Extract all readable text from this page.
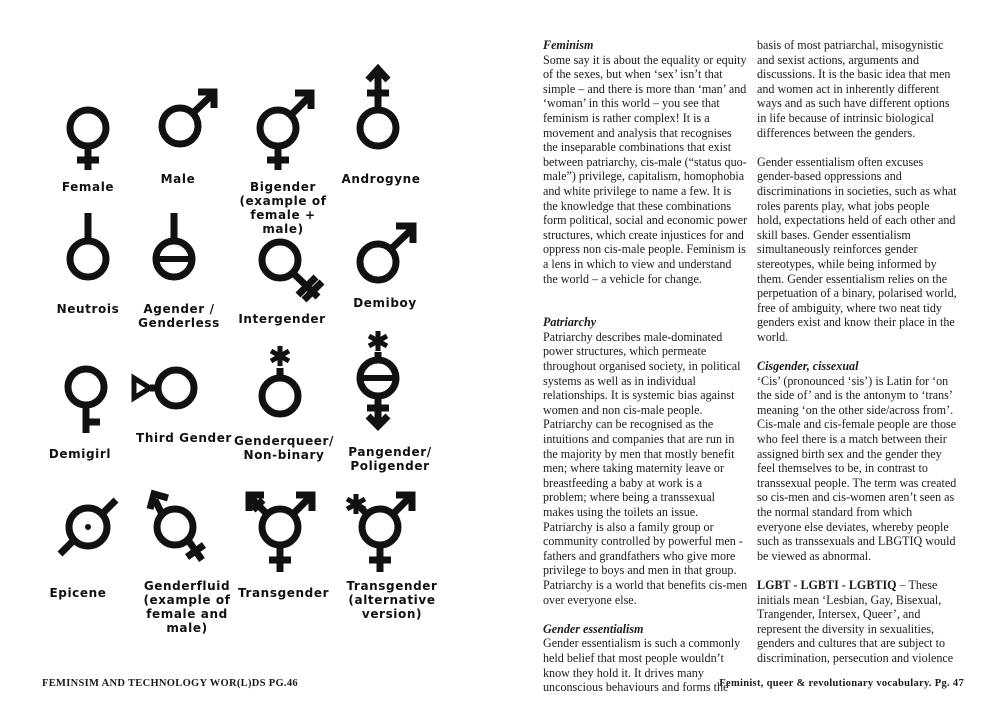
Female
Male
Bigender
(example of
female + male)
Androgyne
Neutrois	Agender /
Genderless	Intergender
Demiboy
Demigirl
Third Gender Genderqueer/
Non-binary	Pangender/
Poligender
Epicene	Genderfluid
(example of
female and male)
Transgender	Transgender
(alternative version)
Feminism

Some say it is about the equality or equity of the sexes, but when ‘sex’ isn’t that simple – and there is more than ‘man’ and ‘woman’ in this world – you see that feminism is rather complex! It is a movement and analysis that recognises the inseparable combinations that exist between patriarchy, cis-male (“status quo-male”) privilege, capitalism, homophobia and white privilege to name a few. It is the knowledge that these combinations form political, social and economic power structures, which create injustices for and oppress non cis-male people. Feminism is a lens in which to view and understand the world – a vehicle for change.

Patriarchy

Patriarchy describes male-dominated power structures, which permeate throughout organised society, in political systems as well as in individual relationships. It is systemic bias against women and non cis-male people. Patriarchy can be recognised as the intuitions and companies that are run in the majority by men that mostly benefit men; where taking maternity leave or breastfeeding a baby at work is a problem; where being a transsexual makes using the toilets an issue. Patriarchy is also a family group or community controlled by powerful men - fathers and grandfathers who give more privilege to boys and men in that group. Patriarchy is a world that benefits cis-men over everyone else.

Gender essentialism

Gender essentialism is such a commonly held belief that most people wouldn’t know they hold it. It drives many unconscious behaviours and forms the

basis of most patriarchal, misogynistic and sexist actions, arguments and discussions. It is the basic idea that men and women act in inherently different ways and as such have different options in life because of intrinsic biological differences between the genders.

Gender essentialism often excuses gender-based oppressions and discriminations in societies, such as what roles parents play, what jobs people hold, expectations held of each other and skill bases. Gender essentialism simultaneously reinforces gender stereotypes, while being informed by them. Gender essentialism relies on the perpetuation of a binary, polarised world, free of ambiguity, where two neat tidy genders exist and know their place in the world.

Cisgender, cissexual

‘Cis’ (pronounced ‘sis’) is Latin for ‘on the side of’ and is the antonym to ‘trans’ meaning ‘on the other side/across from’. Cis-male and cis-female people are those who feel there is a match between their assigned birth sex and the gender they feel themselves to be, in contrast to transsexual people. The term was created so cis-men and cis-women aren’t seen as the normal standard from which everyone else deviates, whereby people such as transsexuals and LBGTIQ would be viewed as abnormal.

LGBT - LGBTI - LGBTIQ – These initials mean ‘Lesbian, Gay, Bisexual, Trangender, Intersex, Queer’, and represent the diversity in sexualities, genders and cultures that are subject to discrimination, persecution and violence

FEMINSIM AND TECHNOLOGY WOR(L)DS PG.46	Feminist, queer & revolutionary vocabulary. Pg. 47
